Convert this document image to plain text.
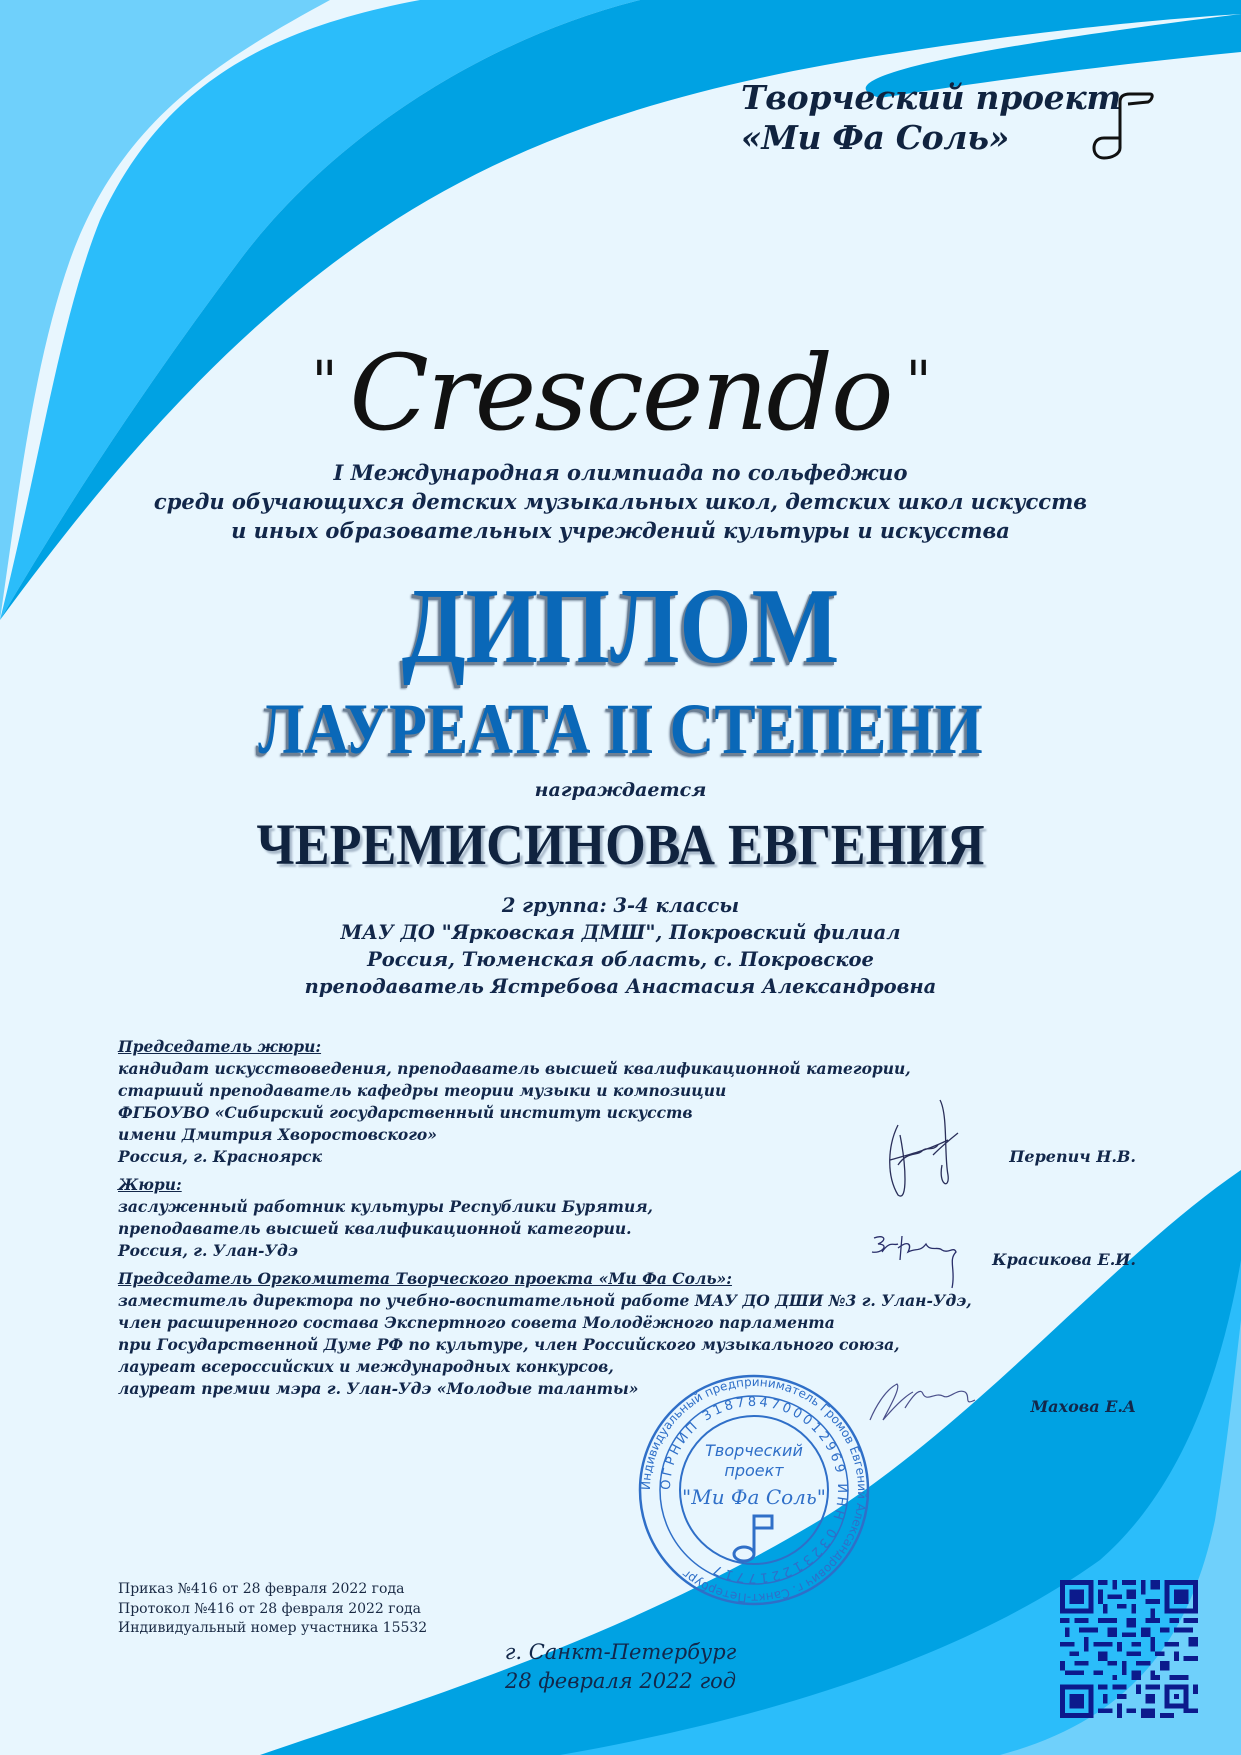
Творческий проект
«Ми Фа Соль»
" Crescendo "
I Международная олимпиада по сольфеджио
среди обучающихся детских музыкальных школ, детских школ искусств
и иных образовательных учреждений культуры и искусства
ДИПЛОМ
ЛАУРЕАТА II СТЕПЕНИ
награждается
ЧЕРЕМИСИНОВА ЕВГЕНИЯ
2 группа: 3-4 классы
МАУ ДО "Ярковская ДМШ", Покровский филиал
Россия, Тюменская область, с. Покровское
преподаватель Ястребова Анастасия Александровна
Председатель жюри:
кандидат искусствоведения, преподаватель высшей квалификационной категории,
старший преподаватель кафедры теории музыки и композиции
ФГБОУВО «Сибирский государственный институт искусств
имени Дмитрия Хворостовского»
Россия, г. Красноярск
Жюри:
заслуженный работник культуры Республики Бурятия,
преподаватель высшей квалификационной категории.
Россия, г. Улан-Удэ
Председатель Оргкомитета Творческого проекта «Ми Фа Соль»:
заместитель директора по учебно-воспитательной работе МАУ ДО ДШИ №3 г. Улан-Удэ,
член расширенного состава Экспертного совета Молодёжного парламента
при Государственной Думе РФ по культуре, член Российского музыкального союза,
лауреат всероссийских и международных конкурсов,
лауреат премии мэра г. Улан-Удэ «Молодые таланты»
Перепич Н.В.
Красикова Е.И.
Махова Е.А
Индивидуальный предприниматель Громов Евгений Александрович г. Санкт-Петербург
ОГРНИП 318784700012969 ИНН 032312217717
Творческий
проект
"Ми Фа Соль"
Приказ №416 от 28 февраля 2022 года
Протокол №416 от 28 февраля 2022 года
Индивидуальный номер участника 15532
г. Санкт-Петербург
28 февраля 2022 год
